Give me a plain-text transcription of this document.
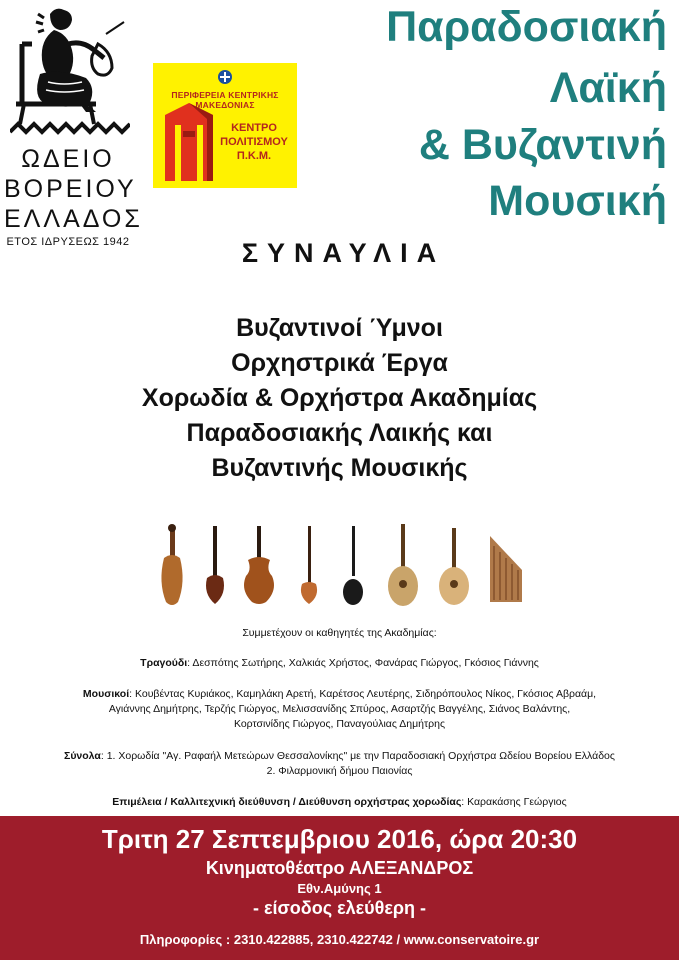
ΩΔΕΙΟ
ΒΟΡΕΙΟΥ
ΕΛΛΑΔΟΣ
ΕΤΟΣ ΙΔΡΥΣΕΩΣ 1942
ΠΕΡΙΦΕΡΕΙΑ ΚΕΝΤΡΙΚΗΣ ΜΑΚΕΔΟΝΙΑΣ
ΚΕΝΤΡΟ
ΠΟΛΙΤΙΣΜΟΥ
Π.Κ.Μ.
Παραδοσιακή
Λαϊκή
& Βυζαντινή
Μουσική
ΣΥΝΑΥΛΙΑ
Βυζαντινοί Ύμνοι
Ορχηστρικά Έργα
Χορωδία & Ορχήστρα Ακαδημίας
Παραδοσιακής Λαικής και
Βυζαντινής Μουσικής
Συμμετέχουν οι καθηγητές της Ακαδημίας:
Τραγούδι: Δεσπότης Σωτήρης, Χαλκιάς Χρήστος, Φανάρας Γιώργος, Γκόσιος Γιάννης
Μουσικοί: Κουβέντας Κυριάκος, Καμηλάκη Αρετή, Καρέτσος Λευτέρης, Σιδηρόπουλος Νίκος, Γκόσιος Αβραάμ,
Αγιάννης Δημήτρης, Τερζής Γιώργος, Μελισσανίδης Σπύρος, Ασαρτζής Βαγγέλης, Σιάνος Βαλάντης,
Κορτσινίδης Γιώργος, Παναγούλιας Δημήτρης
Σύνολα: 1. Χορωδία "Αγ. Ραφαήλ Μετεώρων Θεσσαλονίκης" με την Παραδοσιακή Ορχήστρα Ωδείου Βορείου Ελλάδος
2. Φιλαρμονική δήμου Παιονίας
Επιμέλεια / Καλλιτεχνική διεύθυνση / Διεύθυνση ορχήστρας χορωδίας: Καρακάσης Γεώργιος
Τριτη 27 Σεπτεμβριου 2016, ώρα 20:30
Κινηματοθέατρο ΑΛΕΞΑΝΔΡΟΣ
Εθν.Αμύνης 1
- είσοδος ελεύθερη -
Πληροφορίες : 2310.422885, 2310.422742 / www.conservatoire.gr
